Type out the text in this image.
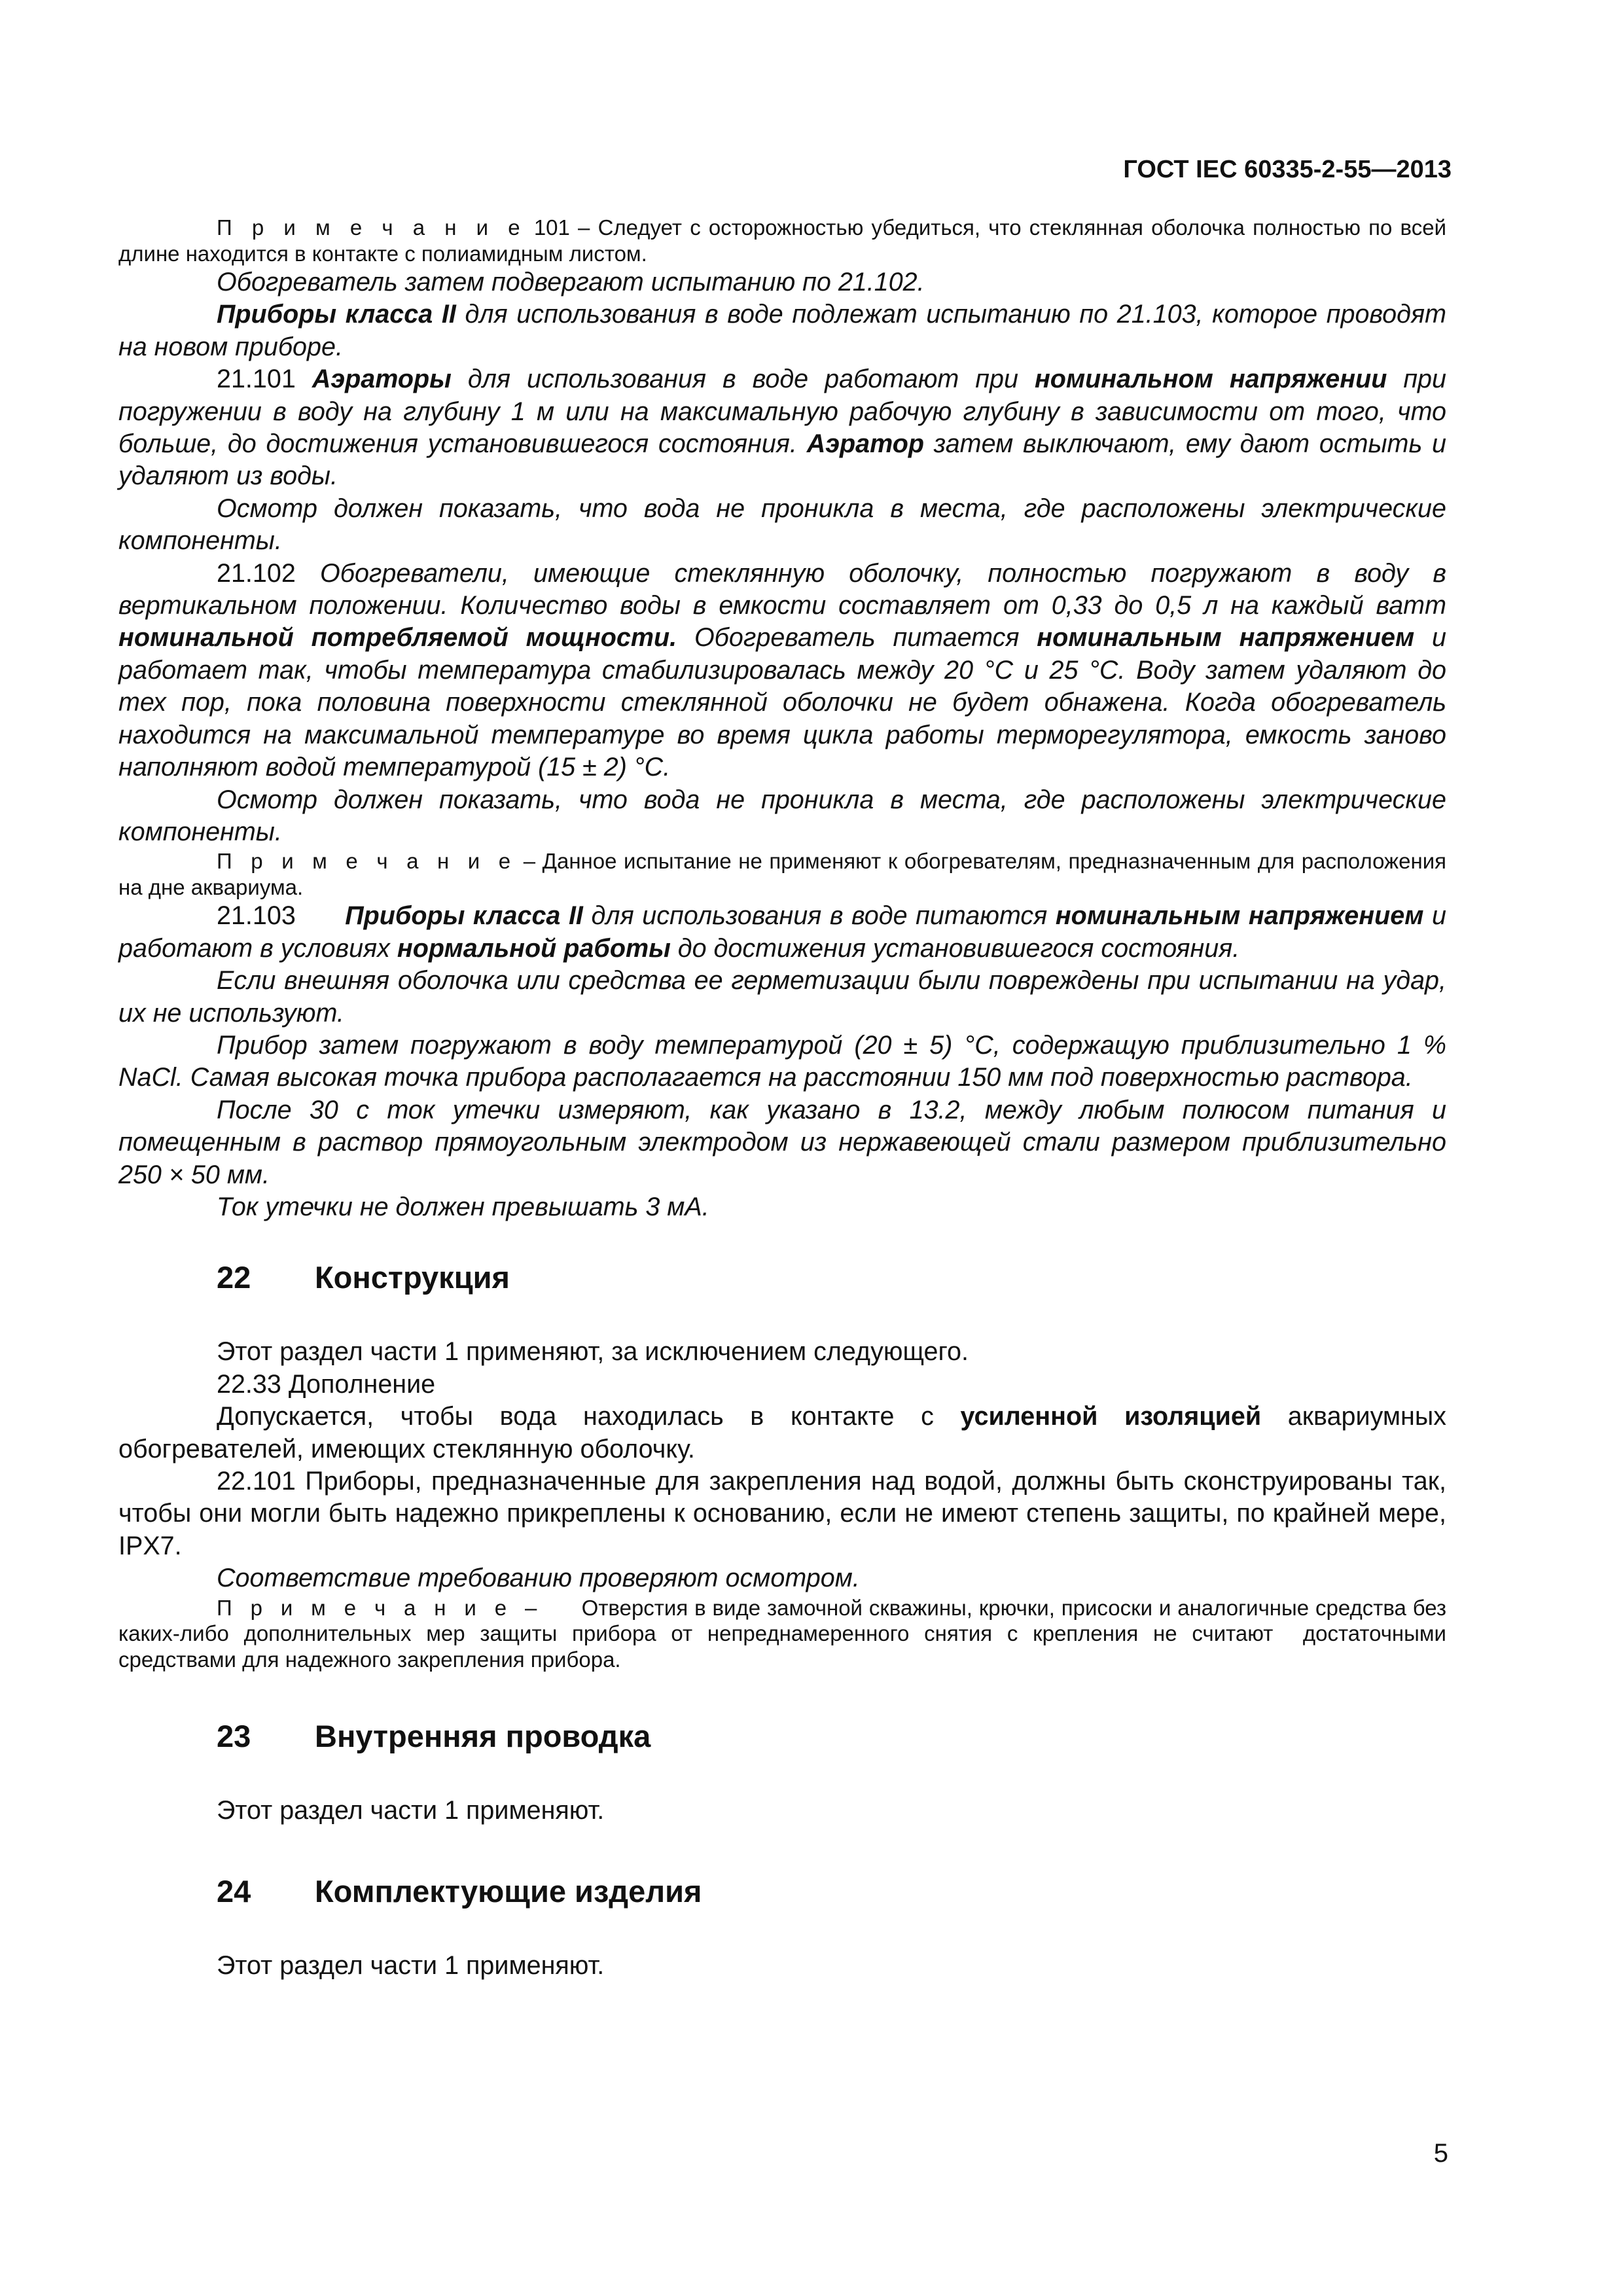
ГОСТ IEC 60335-2-55—2013

П р и м е ч а н и е 101 – Следует с осторожностью убедиться, что стеклянная оболочка полностью по всей длине находится в контакте с полиамидным листом.

Обогреватель затем подвергают испытанию по 21.102.

Приборы класса II для использования в воде подлежат испытанию по 21.103, которое проводят на новом приборе.

21.101 Аэраторы для использования в воде работают при номинальном напряжении при погружении в воду на глубину 1 м или на максимальную рабочую глубину в зависимости от того, что больше, до достижения установившегося состояния. Аэратор затем выключают, ему дают остыть и удаляют из воды.

Осмотр должен показать, что вода не проникла в места, где расположены электрические компоненты.

21.102 Обогреватели, имеющие стеклянную оболочку, полностью погружают в воду в вертикальном положении. Количество воды в емкости составляет от 0,33 до 0,5 л на каждый ватт номинальной потребляемой мощности. Обогреватель питается номинальным напряжением и работает так, чтобы температура стабилизировалась между 20 °С и 25 °С. Воду затем удаляют до тех пор, пока половина поверхности стеклянной оболочки не будет обнажена. Когда обогреватель находится на максимальной температуре во время цикла работы терморегулятора, емкость заново наполняют водой температурой (15 ± 2) °С.

Осмотр должен показать, что вода не проникла в места, где расположены электрические компоненты.

П р и м е ч а н и е – Данное испытание не применяют к обогревателям, предназначенным для расположения на дне аквариума.

21.103      Приборы класса II для использования в воде питаются номинальным напряжением и работают в условиях нормальной работы до достижения установившегося состояния.

Если внешняя оболочка или средства ее герметизации были повреждены при испытании на удар, их не используют.

Прибор затем погружают в воду температурой (20 ± 5) °С, содержащую приблизительно 1 % NaCl. Самая высокая точка прибора располагается на расстоянии 150 мм под поверхностью раствора.

После 30 с ток утечки измеряют, как указано в 13.2, между любым полюсом питания и помещенным в раствор прямоугольным электродом из нержавеющей стали размером приблизительно 250 × 50 мм.

Ток утечки не должен превышать 3 мА.

22 Конструкция

Этот раздел части 1 применяют, за исключением следующего.

22.33 Дополнение

Допускается, чтобы вода находилась в контакте с усиленной изоляцией аквариумных обогревателей, имеющих стеклянную оболочку.

22.101 Приборы, предназначенные для закрепления над водой, должны быть сконструированы так, чтобы они могли быть надежно прикреплены к основанию, если не имеют степень защиты, по крайней мере, IPX7.

Соответствие требованию проверяют осмотром.

П р и м е ч а н и е –      Отверстия в виде замочной скважины, крючки, присоски и аналогичные средства без каких-либо дополнительных мер защиты прибора от непреднамеренного снятия с крепления не считают  достаточными средствами для надежного закрепления прибора.

23 Внутренняя проводка

Этот раздел части 1 применяют.

24 Комплектующие изделия

Этот раздел части 1 применяют.

5
